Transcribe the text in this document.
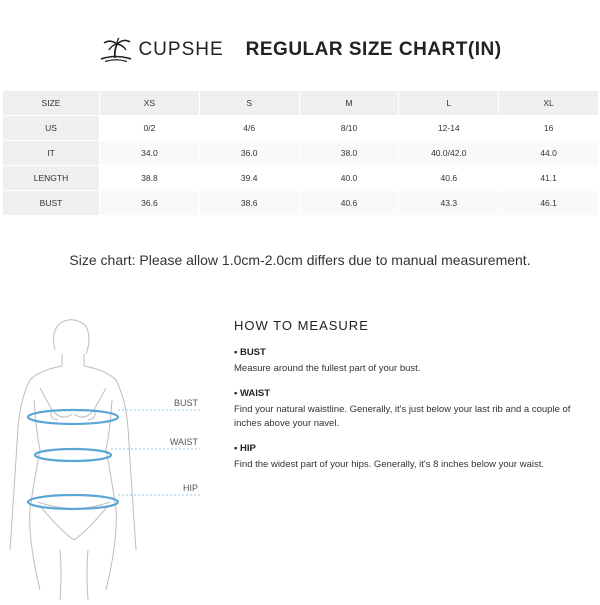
CUPSHE REGULAR SIZE CHART(IN)
SIZE	XS	S	M	L	XL
US	0/2	4/6	8/10	12-14	16
IT	34.0	36.0	38.0	40.0/42.0	44.0
LENGTH	38.8	39.4	40.0	40.6	41.1
BUST	36.6	38.6	40.6	43.3	46.1
Size chart: Please allow 1.0cm-2.0cm differs due to manual measurement.
BUST
WAIST
HIP
HOW TO MEASURE
• BUST
Measure around the fullest part of your bust.
• WAIST
Find your natural waistline. Generally, it's just below your last rib and a couple of inches above your navel.
• HIP
Find the widest part of your hips. Generally, it's 8 inches below your waist.
